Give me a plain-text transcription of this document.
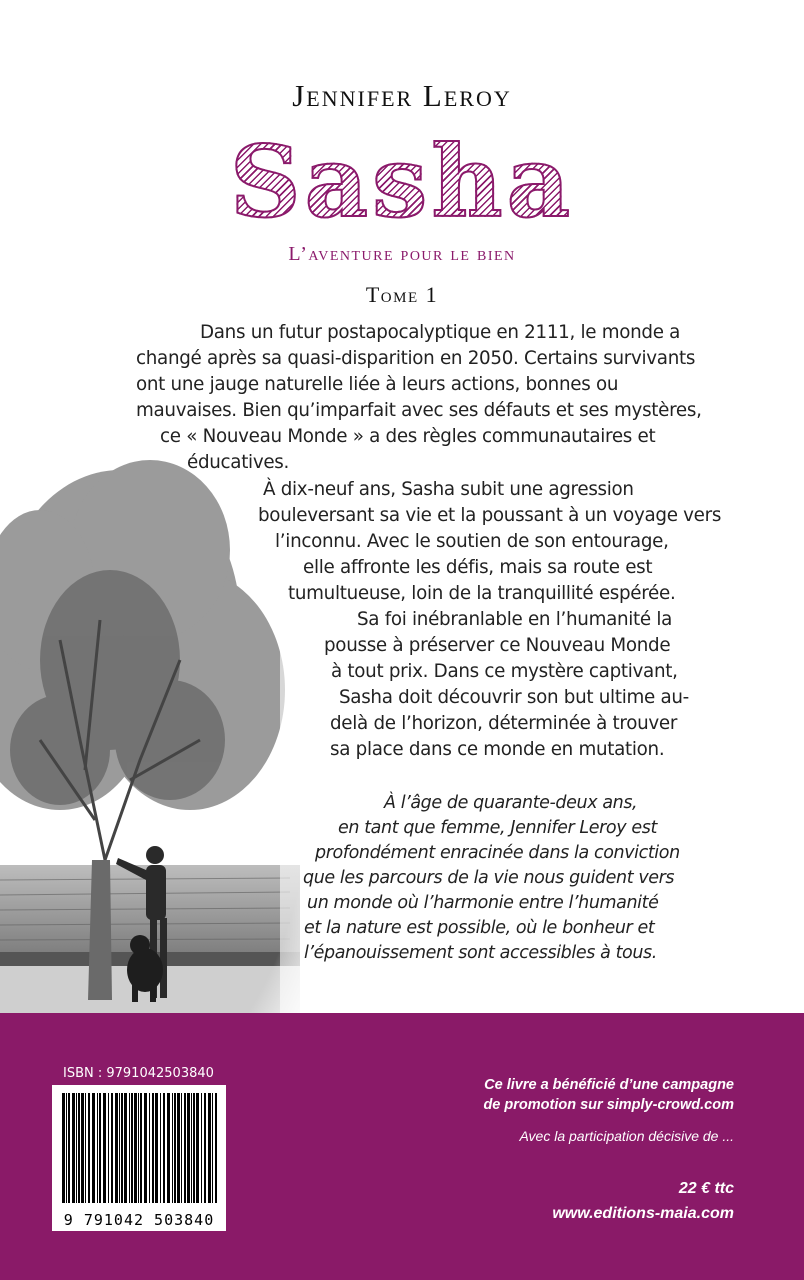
Jennifer Leroy
Sasha
L’aventure pour le bien
Tome 1
Dans un futur postapocalyptique en 2111, le monde a
changé après sa quasi-disparition en 2050. Certains survivants
ont une jauge naturelle liée à leurs actions, bonnes ou
mauvaises. Bien qu’imparfait avec ses défauts et ses mystères,
ce « Nouveau Monde » a des règles communautaires et
éducatives.
À dix-neuf ans, Sasha subit une agression
bouleversant sa vie et la poussant à un voyage vers
l’inconnu. Avec le soutien de son entourage,
elle affronte les défis, mais sa route est
tumultueuse, loin de la tranquillité espérée.
Sa foi inébranlable en l’humanité la
pousse à préserver ce Nouveau Monde
à tout prix. Dans ce mystère captivant,
Sasha doit découvrir son but ultime au-
delà de l’horizon, déterminée à trouver
sa place dans ce monde en mutation.
À l’âge de quarante-deux ans,
en tant que femme, Jennifer Leroy est
profondément enracinée dans la conviction
que les parcours de la vie nous guident vers
un monde où l’harmonie entre l’humanité
et la nature est possible, où le bonheur et
l’épanouissement sont accessibles à tous.
ISBN : 9791042503840
9 791042 503840
Ce livre a bénéficié d’une campagne
de promotion sur simply-crowd.com
Avec la participation décisive de ...
22 € ttc
www.editions-maia.com
